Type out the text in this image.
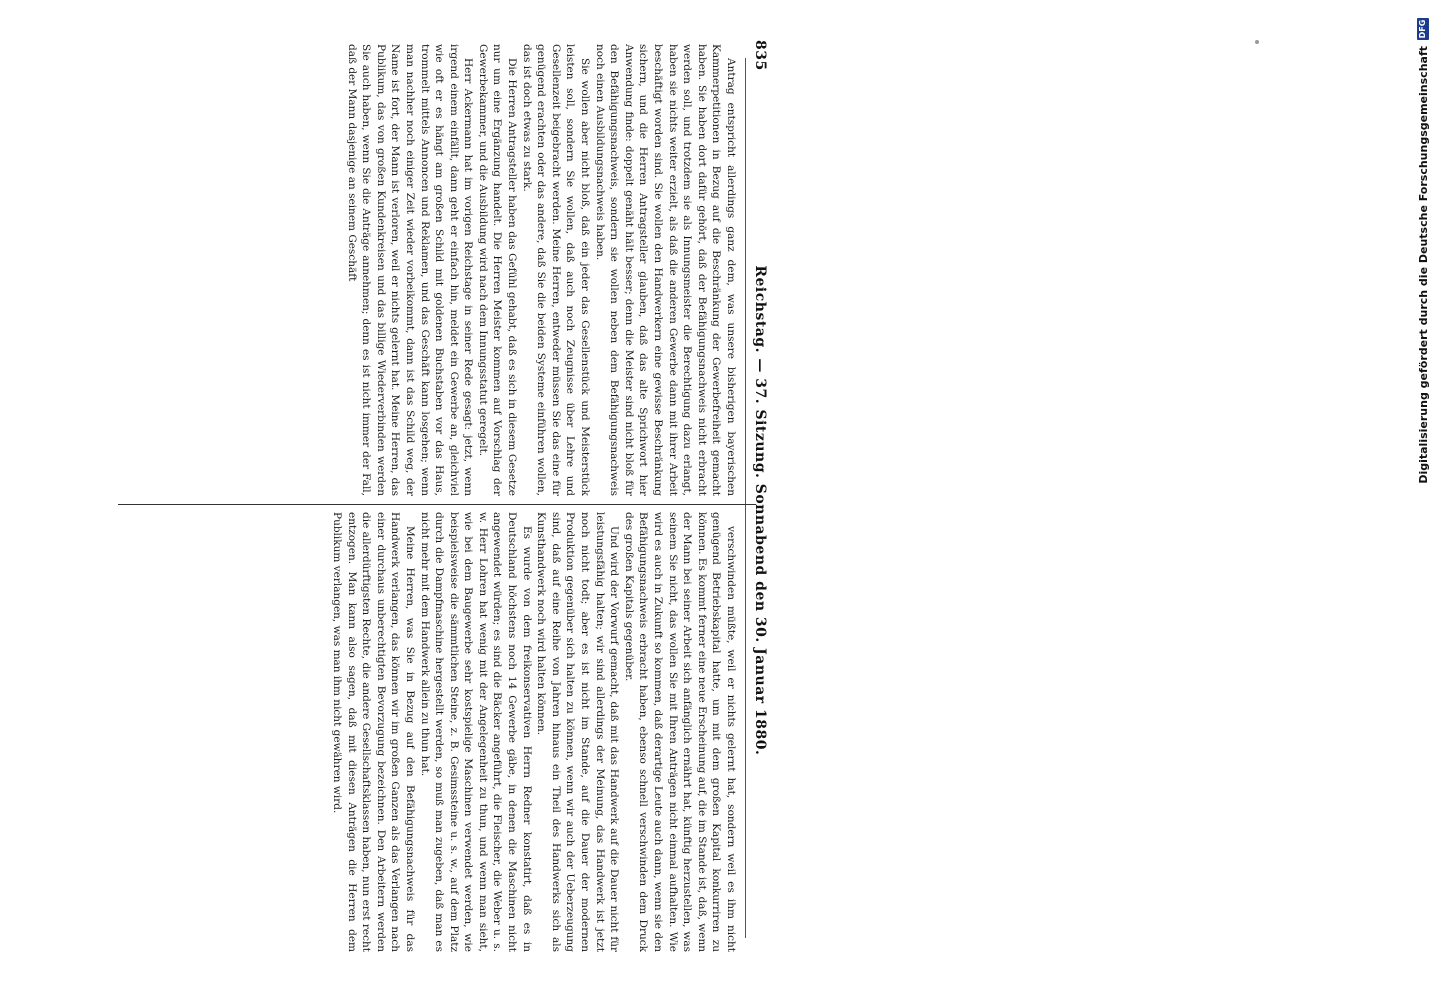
835
Reichstag. — 37. Sitzung. Sonnabend den 30. Januar 1880.

Antrag entspricht allerdings ganz dem, was unsere bisherigen bayerischen Kammerpetitionen in Bezug auf die Beschränkung der Gewerbefreiheit gemacht haben. Sie haben dort dafür gehört, daß der Befähigungsnachweis nicht erbracht werden soll, und trotzdem sie als Innungsmeister die Berechtigung dazu erlangt, haben sie nichts weiter erzielt, als daß die anderen Gewerbe dann mit ihrer Arbeit beschäftigt worden sind. Sie wollen den Handwerkern eine gewisse Beschränkung sichern, und die Herren Antragsteller glauben, daß das alte Sprichwort hier Anwendung finde: doppelt genäht hält besser; denn die Meister sind nicht bloß für den Befähigungsnachweis, sondern sie wollen neben dem Befähigungsnachweis noch einen Ausbildungsnachweis haben.

Sie wollen aber nicht bloß, daß ein jeder das Gesellenstück und Meisterstück leisten soll, sondern Sie wollen, daß auch noch Zeugnisse über Lehre und Gesellenzeit beigebracht werden. Meine Herren, entweder müssen Sie das eine für genügend erachten oder das andere, daß Sie die beiden Systeme einführen wollen, das ist doch etwas zu stark.

Die Herren Antragsteller haben das Gefühl gehabt, daß es sich in diesem Gesetze nur um eine Ergänzung handelt. Die Herren Meister kommen auf Vorschlag der Gewerbekammer, und die Ausbildung wird nach dem Innungsstatut geregelt.

Herr Ackermann hat im vorigen Reichstage in seiner Rede gesagt: jetzt, wenn irgend einem einfällt, dann geht er einfach hin, meldet ein Gewerbe an, gleichviel wie oft er es hängt am großen Schild mit goldenen Buchstaben vor das Haus, trommelt mittels Annoncen und Reklamen, und das Geschäft kann losgehen; wenn man nachher noch einiger Zeit wieder vorbeikommt, dann ist das Schild weg, der Name ist fort, der Mann ist verloren, weil er nichts gelernt hat. Meine Herren, das Publikum, das von großen Kundenkreisen und das billige Wiederverbinden werden Sie auch haben, wenn Sie die Anträge annehmen; denn es ist nicht immer der Fall, daß der Mann dasjenige an seinem Geschäft

verschwinden müßte, weil er nichts gelernt hat, sondern weil es ihm nicht genügend Betriebskapital hatte, um mit dem großen Kapital konkurriren zu können. Es kommt ferner eine neue Erscheinung auf, die im Stande ist, daß, wenn der Mann bei seiner Arbeit sich anfänglich ernährt hat, künftig herzustellen, was seinem Sie nicht, das wollen Sie mit Ihren Anträgen nicht einmal aufhalten. Wie wird es auch in Zukunft so kommen, daß derartige Leute auch dann, wenn sie den Befähigungsnachweis erbracht haben, ebenso schnell verschwinden dem Druck des großen Kapitals gegenüber.

Und wird der Vorwurf gemacht, daß mit das Handwerk auf die Dauer nicht für leistungsfähig halten; wir sind allerdings der Meinung, das Handwerk ist jetzt noch nicht todt; aber es ist nicht im Stande, auf die Dauer der modernen Produktion gegenüber sich halten zu können, wenn wir auch der Ueberzeugung sind, daß auf eine Reihe von Jahren hinaus ein Theil des Handwerks sich als Kunsthandwerk noch wird halten können.

Es wurde von dem freikonservativen Herrn Redner konstatirt, daß es in Deutschland höchstens noch 14 Gewerbe gäbe, in denen die Maschinen nicht angewendet würden; es sind die Bäcker angeführt, die Fleischer, die Weber u. s. w. Herr Lohren hat wenig mit der Angelegenheit zu thun, und wenn man sieht, wie bei dem Baugewerbe sehr kostspielige Maschinen verwendet werden, wie beispielsweise die sämmtlichen Steine, z. B. Gesimssteine u. s. w., auf dem Platz durch die Dampfmaschine hergestellt werden, so muß man zugeben, daß man es nicht mehr mit dem Handwerk allein zu thun hat.

Meine Herren, was Sie in Bezug auf den Befähigungsnachweis für das Handwerk verlangen, das können wir im großen Ganzen als das Verlangen nach einer durchaus unberechtigten Bevorzugung bezeichnen. Den Arbeitern werden die allerdürftigsten Rechte, die andere Gesellschaftsklassen haben, nun erst recht entzogen. Man kann also sagen, daß mit diesen Anträgen die Herren dem Publikum verlangen, was man ihm nicht gewähren wird.

Digitalisierung gefördert durch die Deutsche Forschungsgemeinschaft
DFG
